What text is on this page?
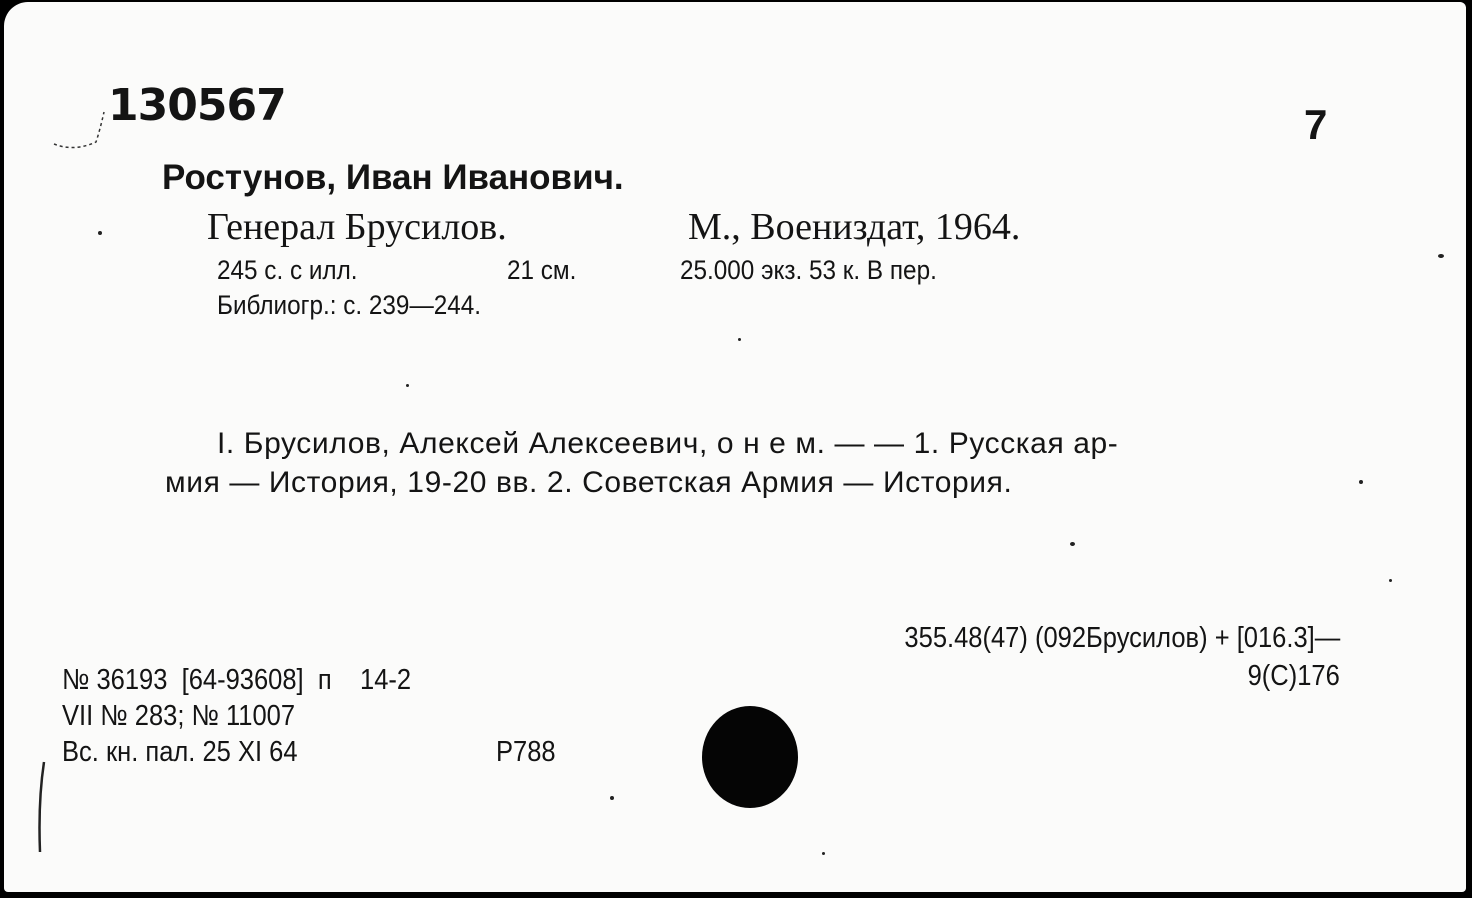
130567	7
Ростунов, Иван Иванович.
Генерал Брусилов.	М., Воениздат, 1964.
245 с. с илл.	21 см.	25.000 экз. 53 к. В пер.
Библиогр.: с. 239—244.
I. Брусилов, Алексей Алексеевич, о н е м. — — 1. Русская ар-
мия — История, 19-20 вв. 2. Советская Армия — История.
355.48(47) (092Брусилов) + [016.3]—
9(С)176
№ 36193  [64-93608]  п    14-2
VII № 283; № 11007
Вс. кн. пал. 25 XI 64	Р788
